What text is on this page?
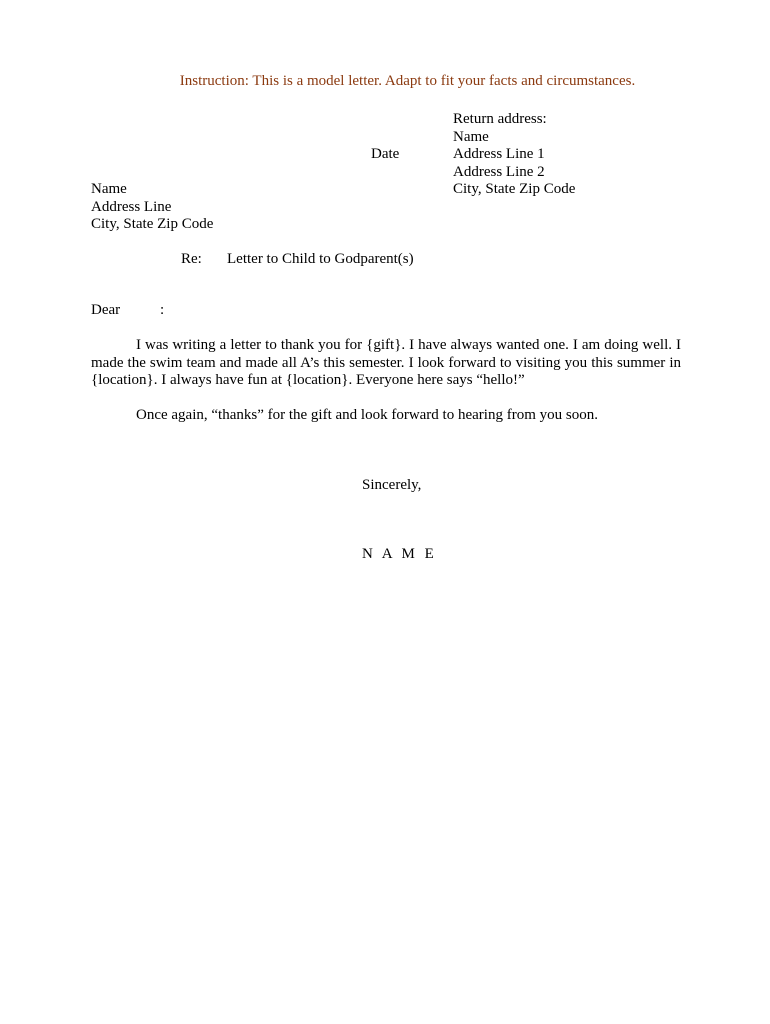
Instruction: This is a model letter. Adapt to fit your facts and circumstances.
Return address:
Name
Address Line 1
Address Line 2
City, State Zip Code
Date
Name
Address Line
City, State Zip Code
Re: Letter to Child to Godparent(s)
Dear	:
I was writing a letter to thank you for {gift}. I have always wanted one. I am doing well. I made the swim team and made all A’s this semester. I look forward to visiting you this summer in {location}. I always have fun at {location}. Everyone here says “hello!”
Once again, “thanks” for the gift and look forward to hearing from you soon.
Sincerely,
N A M E
